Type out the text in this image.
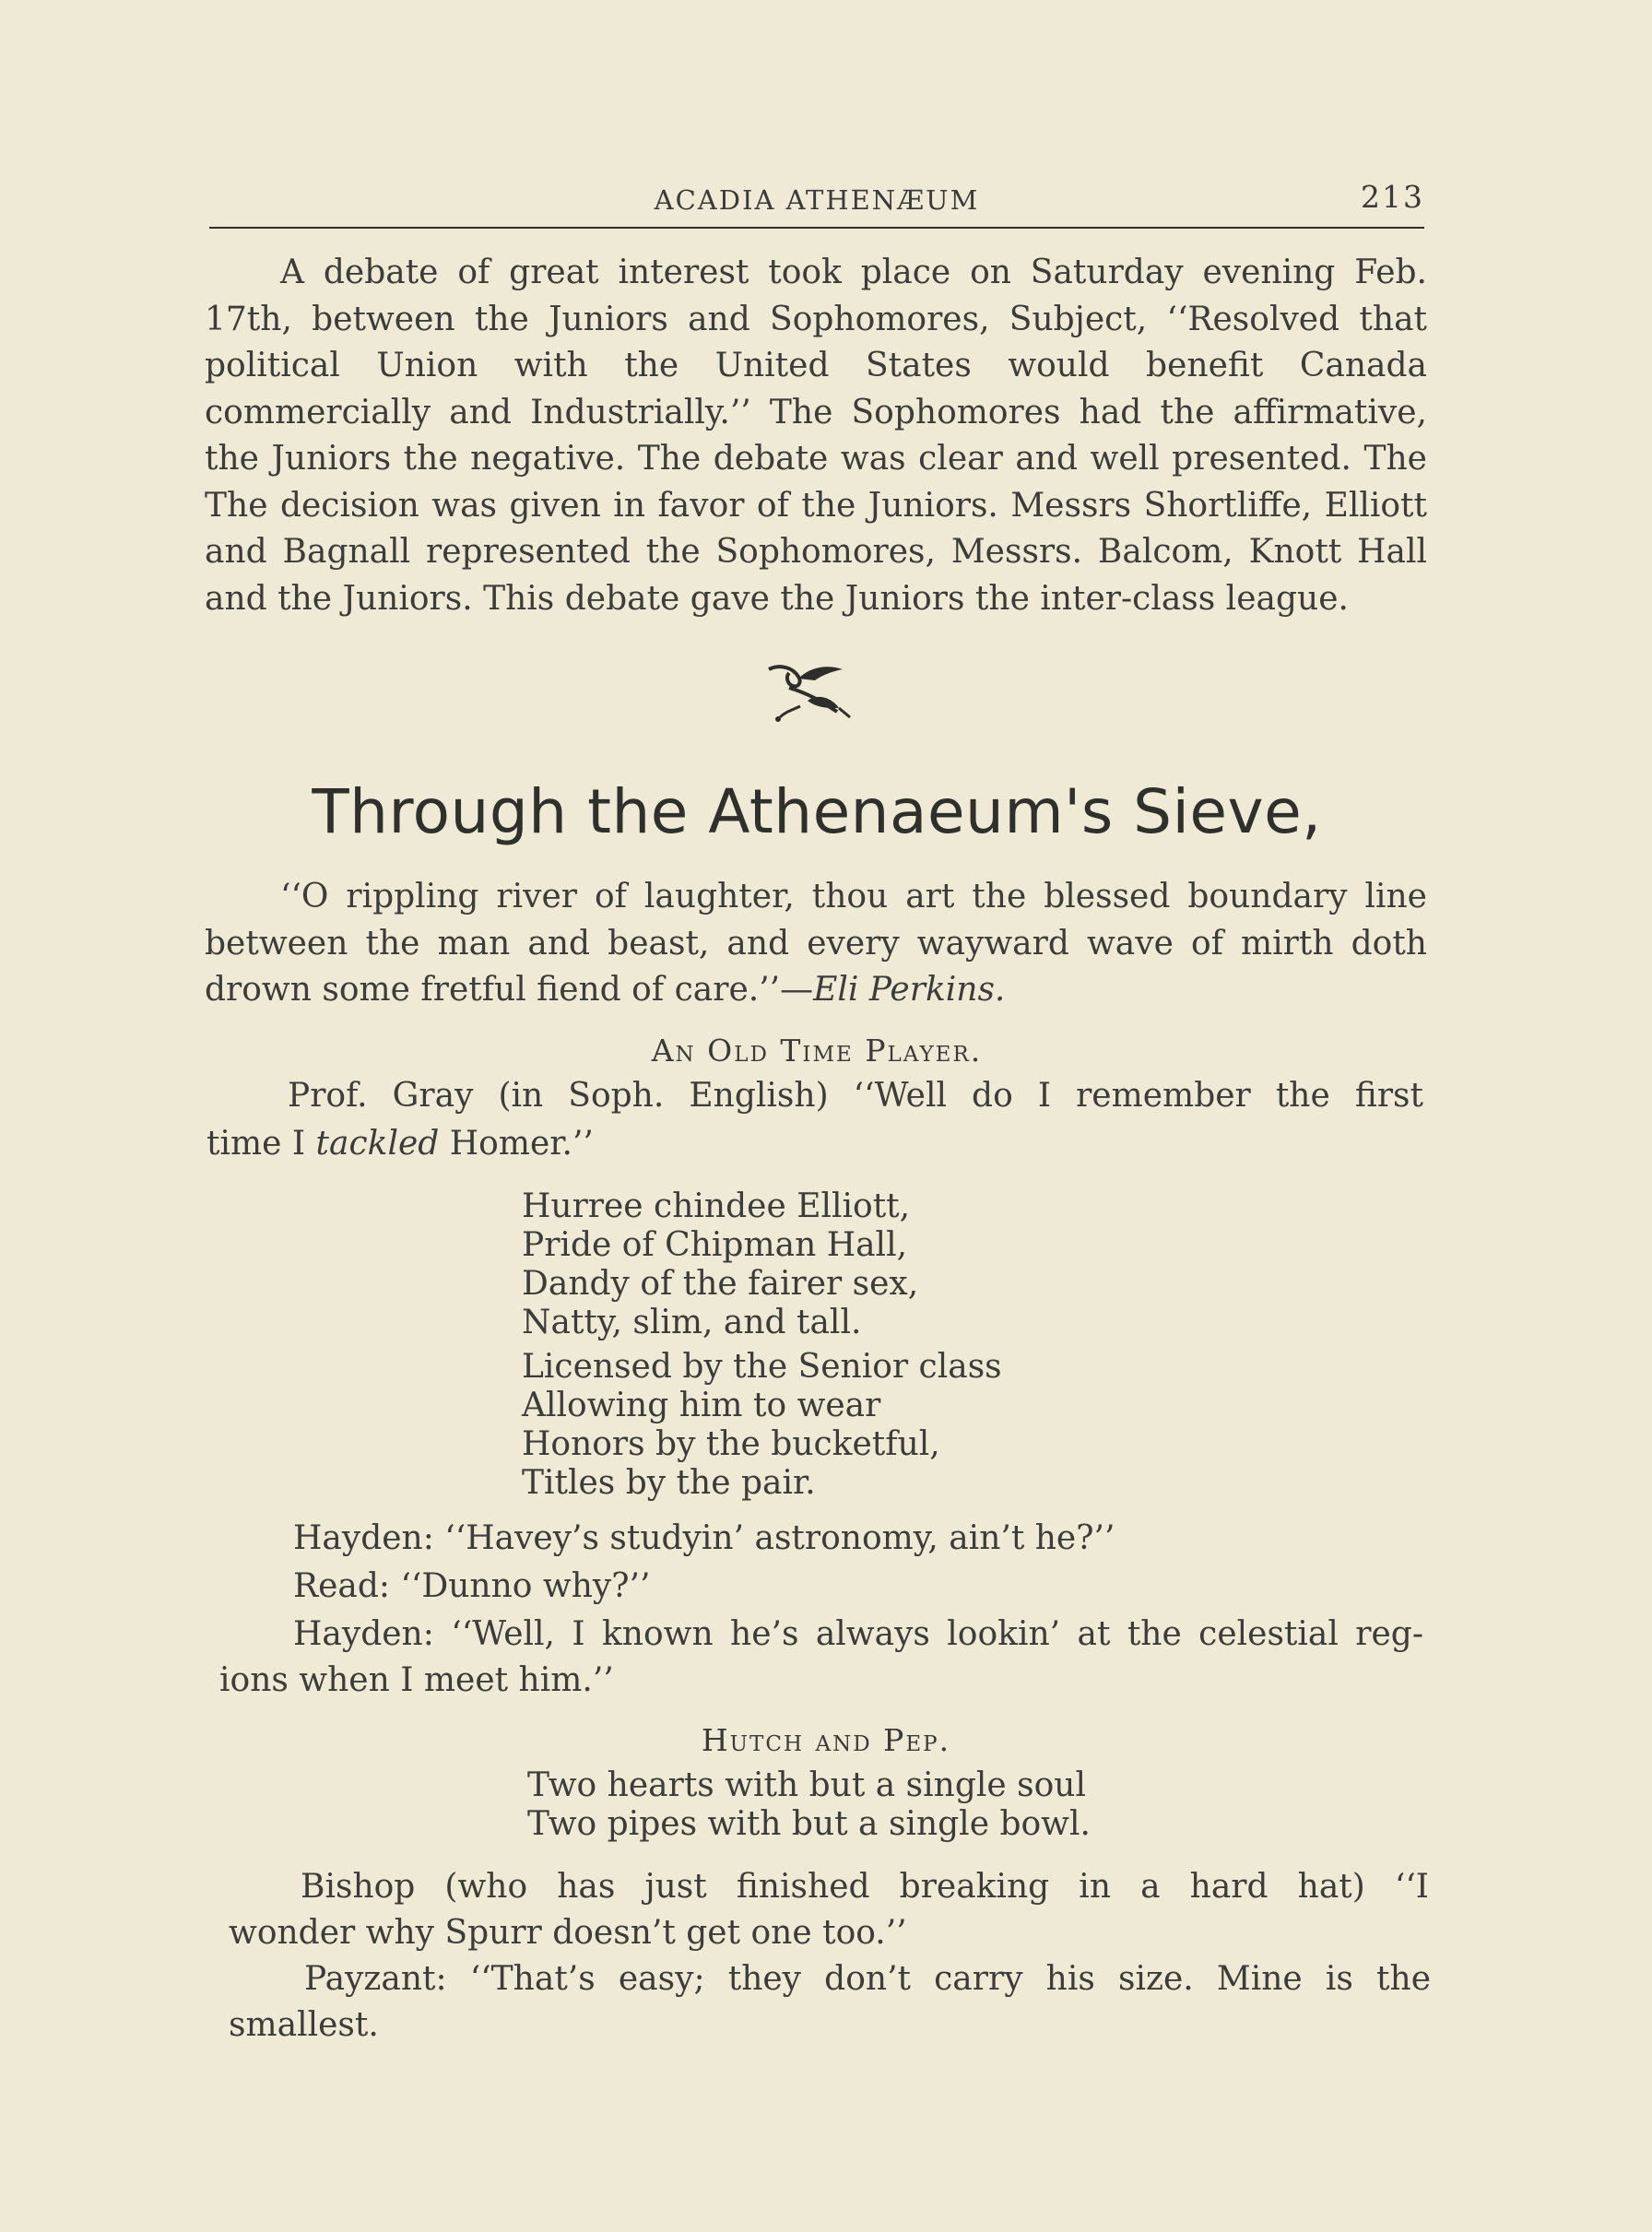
ACADIA ATHENÆUM	213

A debate of great interest took place on Saturday evening Feb. 17th, between the Juniors and Sophomores, Subject, ‘‘Resolved that political Union with the United States would benefit Canada commercially and Industrially.’’ The Sophomores had the affirmative, the Juniors the negative. The debate was clear and well presented. The The decision was given in favor of the Juniors. Messrs Shortliffe, Elliott and Bagnall represented the Sophomores, Messrs. Balcom, Knott Hall and the Juniors. This debate gave the Juniors the inter-class league.

Through the Athenaeum's Sieve,

‘‘O rippling river of laughter, thou art the blessed boundary line between the man and beast, and every wayward wave of mirth doth drown some fretful fiend of care.’’—Eli Perkins.

An Old Time Player.
Prof. Gray (in Soph. English) ‘‘Well do I remember the first
time I tackled Homer.’’
Hurree chindee Elliott,
Pride of Chipman Hall,
Dandy of the fairer sex,
Natty, slim, and tall.
Licensed by the Senior class
Allowing him to wear
Honors by the bucketful,
Titles by the pair.
Hayden: ‘‘Havey’s studyin’ astronomy, ain’t he?’’
Read: ‘‘Dunno why?’’
Hayden: ‘‘Well, I known he’s always lookin’ at the celestial reg-
ions when I meet him.’’
Hutch and Pep.
Two hearts with but a single soul
Two pipes with but a single bowl.
Bishop (who has just finished breaking in a hard hat) ‘‘I
wonder why Spurr doesn’t get one too.’’
Payzant: ‘‘That’s easy; they don’t carry his size. Mine is the
smallest.
